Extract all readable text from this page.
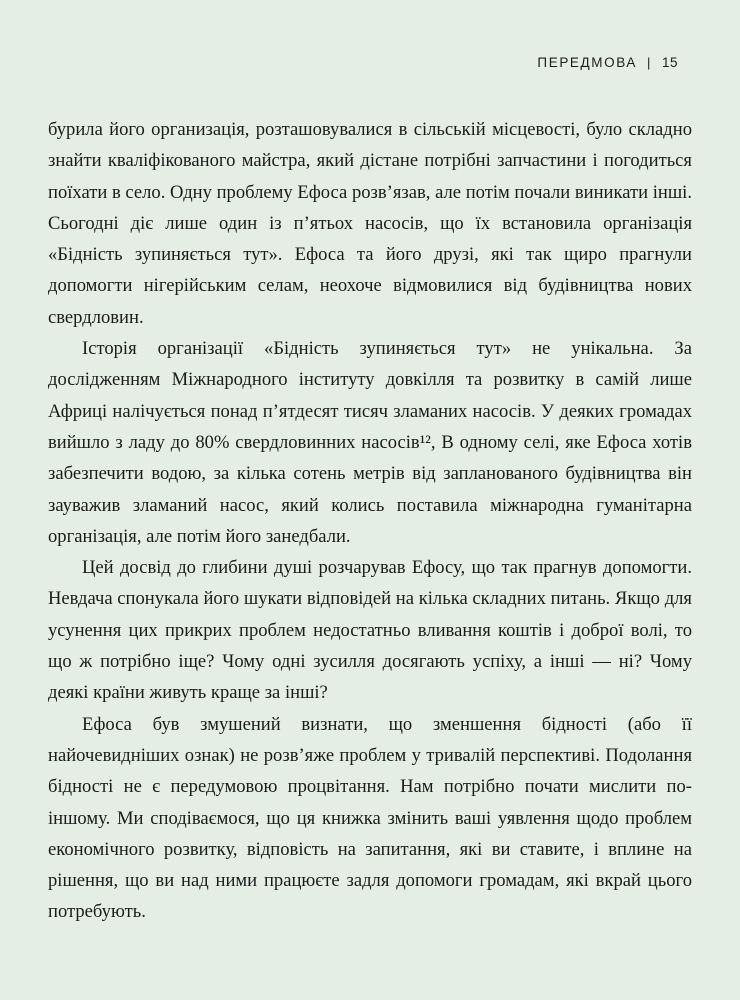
ПЕРЕДМОВА | 15

бурила його организація, розташовувалися в сільській місцевості, було складно знайти кваліфікованого майстра, який дістане потрібні запчастини і погодиться поїхати в село. Одну проблему Ефоса розв’язав, але потім почали виникати інші. Сьогодні діє лише один із п’ятьох насосів, що їх встановила організація «Бідність зупиняється тут». Ефоса та його друзі, які так щиро прагнули допомогти нігерійським селам, неохоче відмовилися від будівництва нових свердловин.

Історія організації «Бідність зупиняється тут» не унікальна. За дослідженням Міжнародного інституту довкілля та розвитку в самій лише Африці налічується понад п’ятдесят тисяч зламаних насосів. У деяких громадах вийшло з ладу до 80% свердловинних насосів¹², В одному селі, яке Ефоса хотів забезпечити водою, за кілька сотень метрів від запланованого будівництва він зауважив зламаний насос, який колись поставила міжнародна гуманітарна організація, але потім його занедбали.

Цей досвід до глибини душі розчарував Ефосу, що так прагнув допомогти. Невдача спонукала його шукати відповідей на кілька складних питань. Якщо для усунення цих прикрих проблем недостатньо вливання коштів і доброї волі, то що ж потрібно іще? Чому одні зусилля досягають успіху, а інші — ні? Чому деякі країни живуть краще за інші?

Ефоса був змушений визнати, що зменшення бідності (або її найочевидніших ознак) не розв’яже проблем у тривалій перспективі. Подолання бідності не є передумовою процвітання. Нам потрібно почати мислити по-іншому. Ми сподіваємося, що ця книжка змінить ваші уявлення щодо проблем економічного розвитку, відповість на запитання, які ви ставите, і вплине на рішення, що ви над ними працюєте задля допомоги громадам, які вкрай цього потребують.
